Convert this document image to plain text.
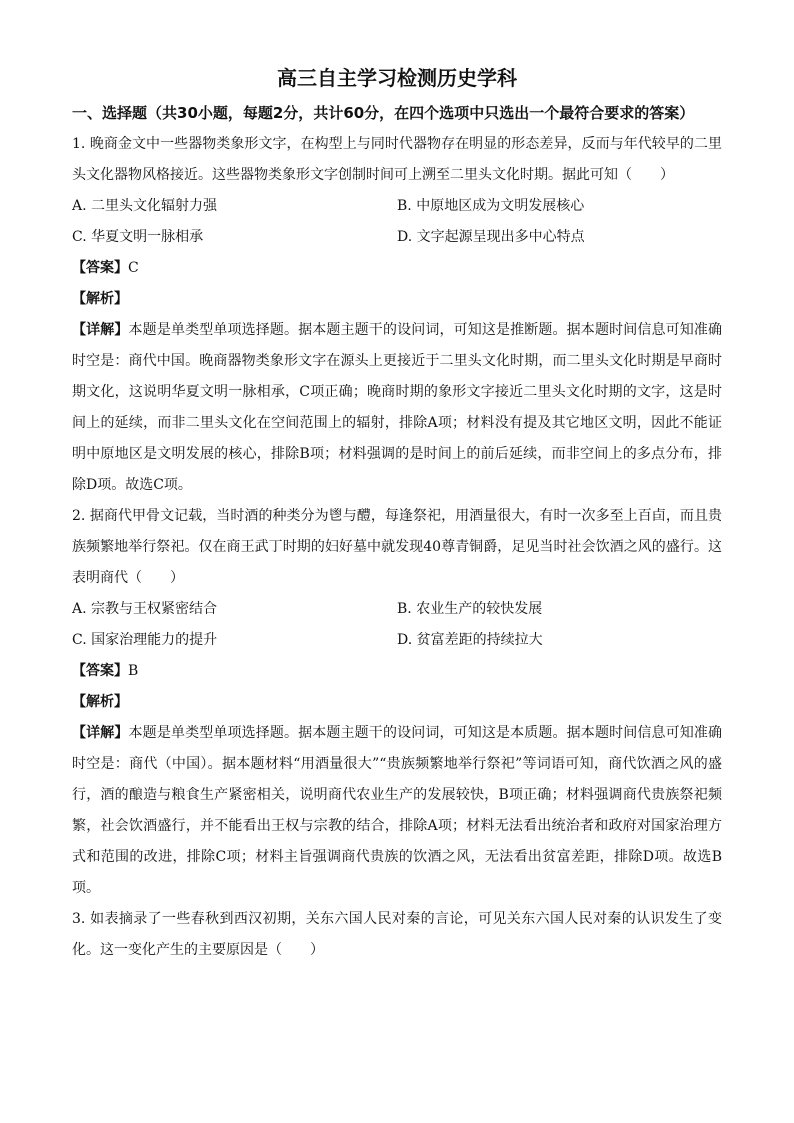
高三自主学习检测历史学科
一、选择题（共30小题，每题2分，共计60分，在四个选项中只选出一个最符合要求的答案）
1. 晚商金文中一些器物类象形文字，在构型上与同时代器物存在明显的形态差异，反而与年代较早的二里头文化器物风格接近。这些器物类象形文字创制时间可上溯至二里头文化时期。据此可知（　　）
A. 二里头文化辐射力强	B. 中原地区成为文明发展核心
C. 华夏文明一脉相承	D. 文字起源呈现出多中心特点
【答案】C
【解析】
【详解】本题是单类型单项选择题。据本题主题干的设问词，可知这是推断题。据本题时间信息可知准确时空是：商代中国。晚商器物类象形文字在源头上更接近于二里头文化时期，而二里头文化时期是早商时期文化，这说明华夏文明一脉相承，C项正确；晚商时期的象形文字接近二里头文化时期的文字，这是时间上的延续，而非二里头文化在空间范围上的辐射，排除A项；材料没有提及其它地区文明，因此不能证明中原地区是文明发展的核心，排除B项；材料强调的是时间上的前后延续，而非空间上的多点分布，排除D项。故选C项。
2. 据商代甲骨文记载，当时酒的种类分为鬯与醴，每逢祭祀，用酒量很大，有时一次多至上百卣，而且贵族频繁地举行祭祀。仅在商王武丁时期的妇好墓中就发现40尊青铜爵，足见当时社会饮酒之风的盛行。这表明商代（　　）
A. 宗教与王权紧密结合	B. 农业生产的较快发展
C. 国家治理能力的提升	D. 贫富差距的持续拉大
【答案】B
【解析】
【详解】本题是单类型单项选择题。据本题主题干的设问词，可知这是本质题。据本题时间信息可知准确时空是：商代（中国）。据本题材料“用酒量很大”“贵族频繁地举行祭祀”等词语可知，商代饮酒之风的盛行，酒的酿造与粮食生产紧密相关，说明商代农业生产的发展较快，B项正确；材料强调商代贵族祭祀频繁，社会饮酒盛行，并不能看出王权与宗教的结合，排除A项；材料无法看出统治者和政府对国家治理方式和范围的改进，排除C项；材料主旨强调商代贵族的饮酒之风，无法看出贫富差距，排除D项。故选B项。
3. 如表摘录了一些春秋到西汉初期，关东六国人民对秦的言论，可见关东六国人民对秦的认识发生了变化。这一变化产生的主要原因是（　　）
